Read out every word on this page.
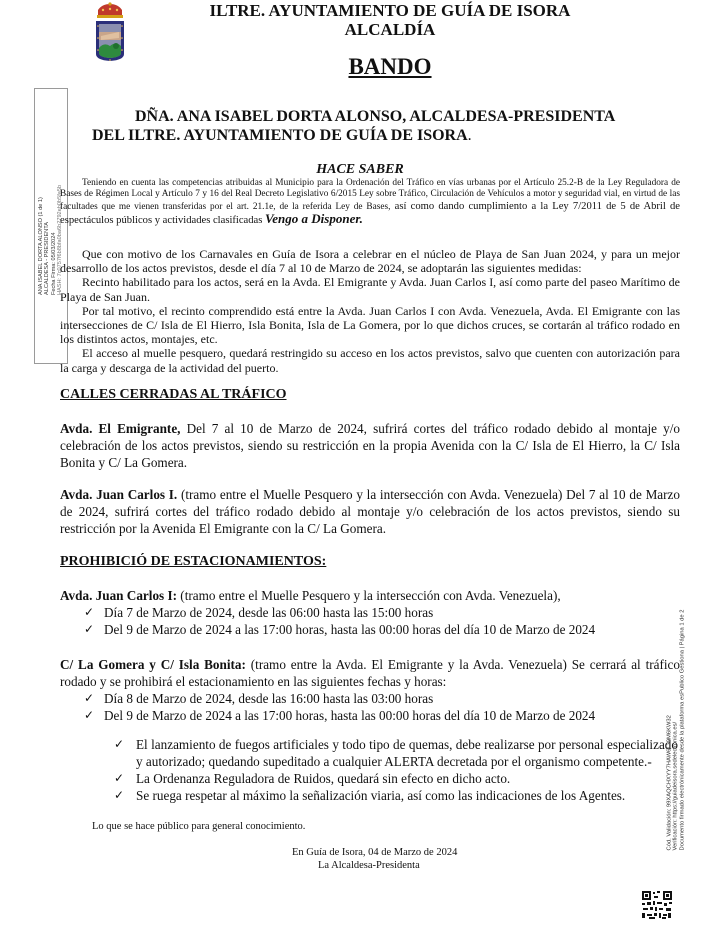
ILTRE. AYUNTAMIENTO DE GUÍA DE ISORA
ALCALDÍA
BANDO
ANA ISABEL DORTA ALONSO (1 de 1) ALCALDESA - PRESIDENTA Fecha Firma: 05/03/2024 HASH: 7c0757f6b8bfa0ba6b2792eb0b5fa5b
DÑA. ANA ISABEL DORTA ALONSO, ALCALDESA-PRESIDENTA
DEL ILTRE. AYUNTAMIENTO DE GUÍA DE ISORA.
HACE SABER
Teniendo en cuenta las competencias atribuidas al Municipio para la Ordenación del Tráfico en vías urbanas por el Artículo 25.2-B de la Ley Reguladora de Bases de Régimen Local y Artículo 7 y 16 del Real Decreto Legislativo 6/2015 Ley sobre Tráfico, Circulación de Vehículos a motor y seguridad vial, en virtud de las facultades que me vienen transferidas por el art. 21.1e, de la referida Ley de Bases, así como dando cumplimiento a la Ley 7/2011 de 5 de Abril de espectáculos públicos y actividades clasificadas Vengo a Disponer.

Que con motivo de los Carnavales en Guía de Isora a celebrar en el núcleo de Playa de San Juan 2024, y para un mejor desarrollo de los actos previstos, desde el día 7 al 10 de Marzo de 2024, se adoptarán las siguientes medidas:

Recinto habilitado para los actos, será en la Avda. El Emigrante y Avda. Juan Carlos I, así como parte del paseo Marítimo de Playa de San Juan.

Por tal motivo, el recinto comprendido está entre la Avda. Juan Carlos I con Avda. Venezuela, Avda. El Emigrante con las intersecciones de C/ Isla de El Hierro, Isla Bonita, Isla de La Gomera, por lo que dichos cruces, se cortarán al tráfico rodado en los distintos actos, montajes, etc.

El acceso al muelle pesquero, quedará restringido su acceso en los actos previstos, salvo que cuenten con autorización para la carga y descarga de la actividad del puerto.

CALLES CERRADAS AL TRÁFICO
Avda. El Emigrante, Del 7 al 10 de Marzo de 2024, sufrirá cortes del tráfico rodado debido al montaje y/o celebración de los actos previstos, siendo su restricción en la propia Avenida con la C/ Isla de El Hierro, la C/ Isla Bonita y C/ La Gomera.
Avda. Juan Carlos I. (tramo entre el Muelle Pesquero y la intersección con Avda. Venezuela) Del 7 al 10 de Marzo de 2024, sufrirá cortes del tráfico rodado debido al montaje y/o celebración de los actos previstos, siendo su restricción por la Avenida El Emigrante con la C/ La Gomera.
PROHIBICIÓ DE ESTACIONAMIENTOS:
Avda. Juan Carlos I: (tramo entre el Muelle Pesquero y la intersección con Avda. Venezuela),
✓ Día 7 de Marzo de 2024, desde las 06:00 hasta las 15:00 horas
✓ Del 9 de Marzo de 2024 a las 17:00 horas, hasta las 00:00 horas del día 10 de Marzo de 2024
C/ La Gomera y C/ Isla Bonita: (tramo entre la Avda. El Emigrante y la Avda. Venezuela) Se cerrará al tráfico rodado y se prohibirá el estacionamiento en las siguientes fechas y horas:
✓ Día 8 de Marzo de 2024, desde las 16:00 hasta las 03:00 horas
✓ Del 9 de Marzo de 2024 a las 17:00 horas, hasta las 00:00 horas del día 10 de Marzo de 2024
✓ El lanzamiento de fuegos artificiales y todo tipo de quemas, debe realizarse por personal especializado y autorizado; quedando supeditado a cualquier ALERTA decretada por el organismo competente.-
✓ La Ordenanza Reguladora de Ruidos, quedará sin efecto en dicho acto.
✓ Se ruega respetar al máximo la señalización viaria, así como las indicaciones de los Agentes.
Lo que se hace público para general conocimiento.
En Guía de Isora, 04 de Marzo de 2024
La Alcaldesa-Presidenta
Cód. Validación: 99XAQCHXYY7HAW6L39M6KW32 Verificación: https://guiadeisora.sedelectronica.es/ Documento firmado electrónicamente desde la plataforma esPublico Gestiona | Página 1 de 2
